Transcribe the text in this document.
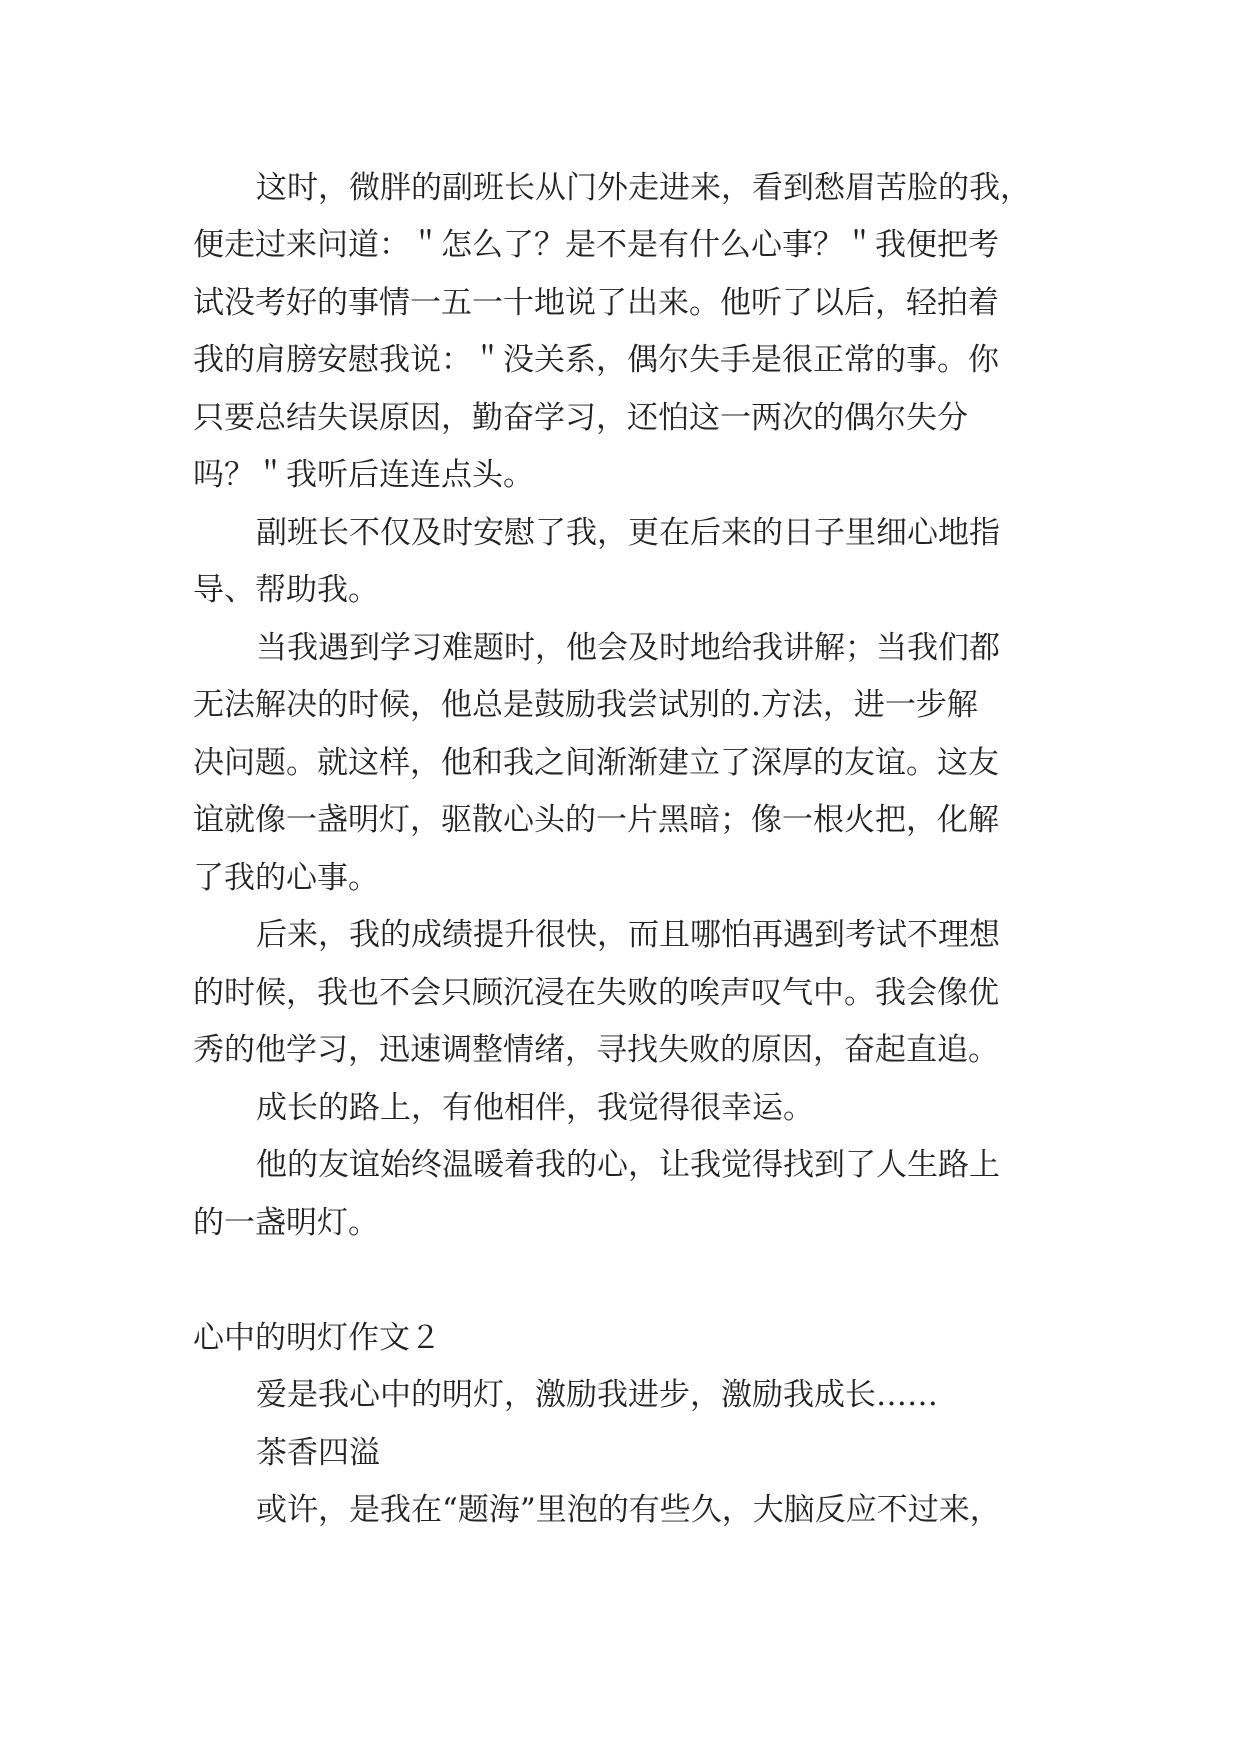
这时，微胖的副班长从门外走进来，看到愁眉苦脸的我，
便走过来问道：＂怎么了？是不是有什么心事？＂我便把考
试没考好的事情一五一十地说了出来。他听了以后，轻拍着
我的肩膀安慰我说：＂没关系，偶尔失手是很正常的事。你
只要总结失误原因，勤奋学习，还怕这一两次的偶尔失分
吗？＂我听后连连点头。
副班长不仅及时安慰了我，更在后来的日子里细心地指
导、帮助我。
当我遇到学习难题时，他会及时地给我讲解；当我们都
无法解决的时候，他总是鼓励我尝试别的.方法，进一步解
决问题。就这样，他和我之间渐渐建立了深厚的友谊。这友
谊就像一盏明灯，驱散心头的一片黑暗；像一根火把，化解
了我的心事。
后来，我的成绩提升很快，而且哪怕再遇到考试不理想
的时候，我也不会只顾沉浸在失败的唉声叹气中。我会像优
秀的他学习，迅速调整情绪，寻找失败的原因，奋起直追。
成长的路上，有他相伴，我觉得很幸运。
他的友谊始终温暖着我的心，让我觉得找到了人生路上
的一盏明灯。
心中的明灯作文２
爱是我心中的明灯，激励我进步，激励我成长……
茶香四溢
或许，是我在“题海”里泡的有些久，大脑反应不过来，
